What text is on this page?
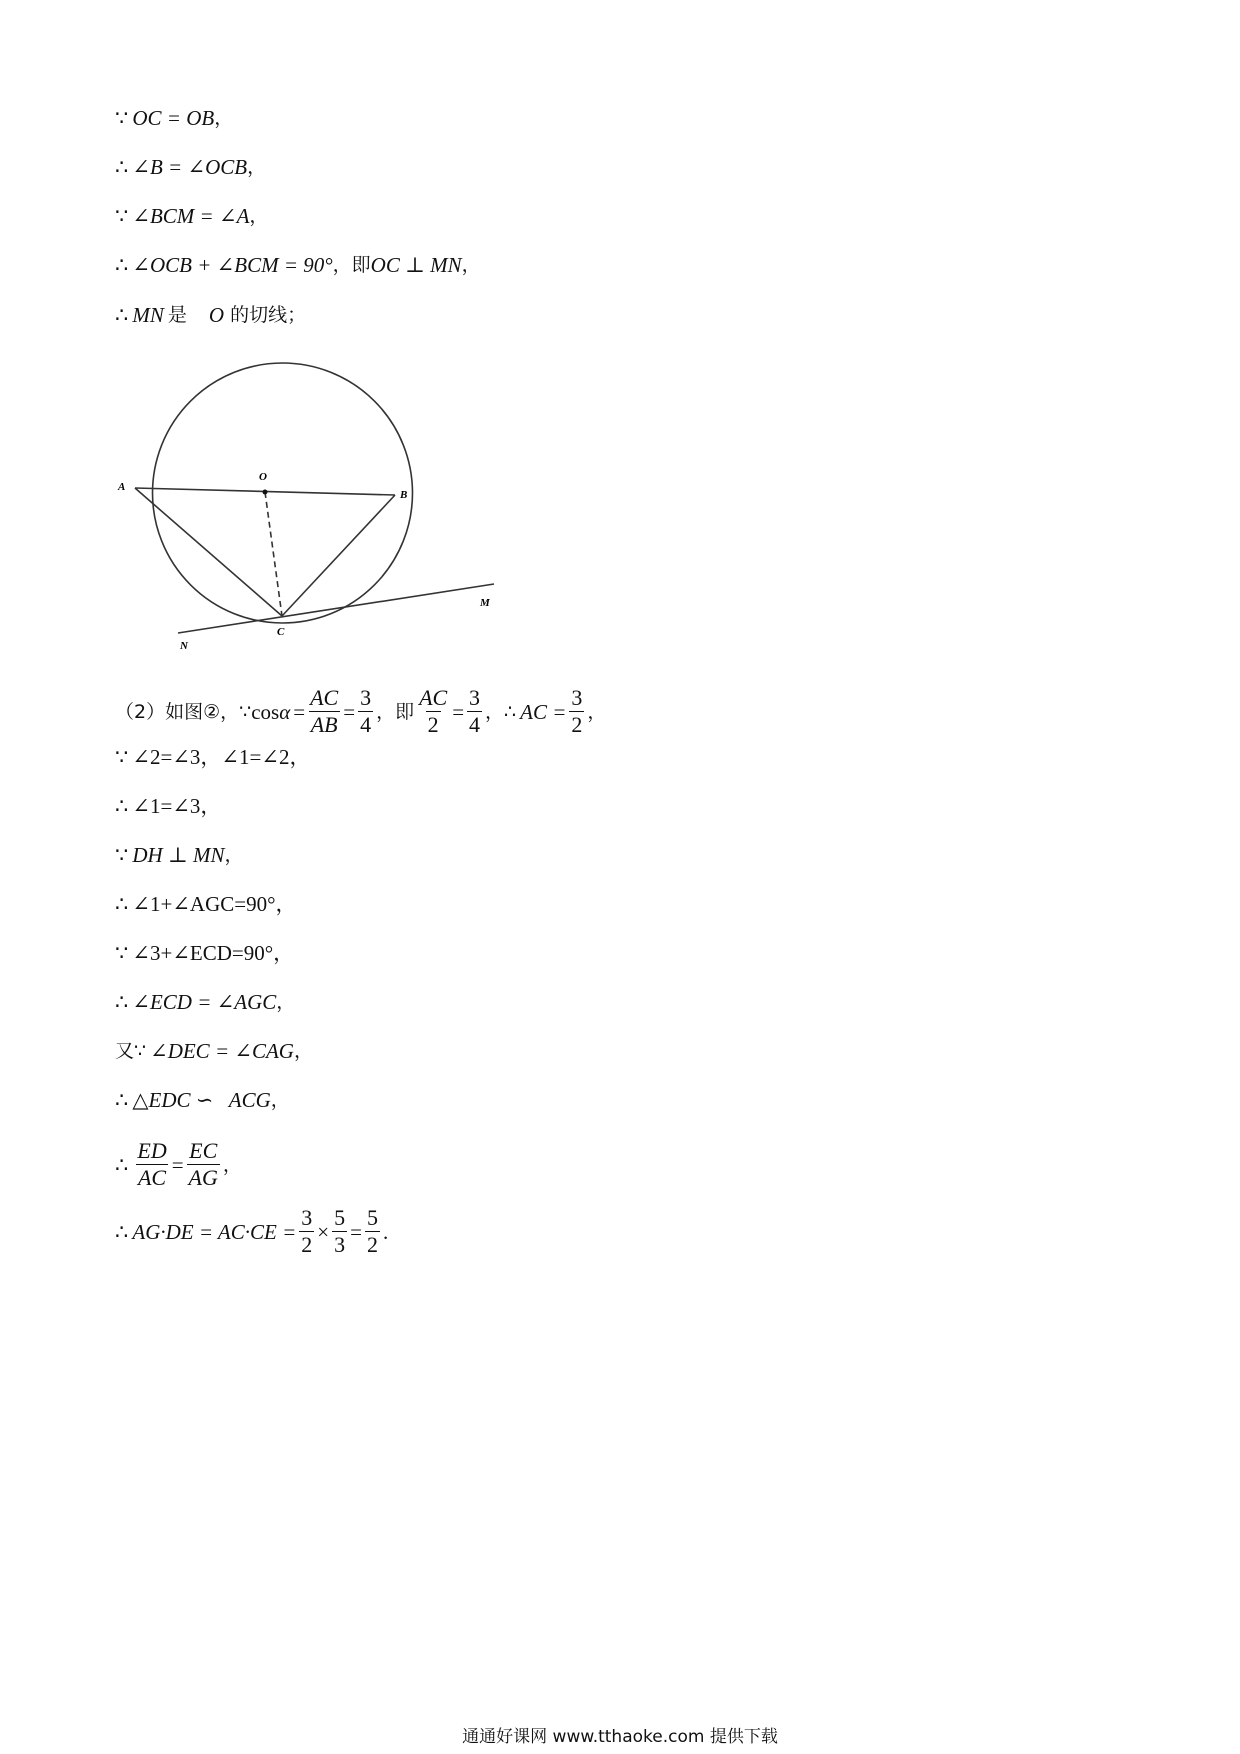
∵ OC = OB ，
∴ ∠B = ∠OCB ，
∵ ∠BCM = ∠A ，
∴ ∠OCB + ∠BCM = 90° ，即 OC ⊥ MN ，
∴ MN 是 O 的切线；
A
O
B
C
N
M
（2）如图②，∵ $\cos \alpha = \frac{AC}{AB} = \frac{3}{4}$ ，即 $\frac{AC}{2} = \frac{3}{4}$ ，∴ AC = $\frac{3}{2}$ ，
∵ ∠2=∠3，∠1=∠2，
∴ ∠1=∠3，
∵ DH ⊥ MN ，
∴ ∠1+∠AGC=90°，
∵ ∠3+∠ECD=90°，
∴ ∠ECD = ∠AGC ，
又∵ ∠DEC = ∠CAG ，
∴ △EDC ∽   ACG ，
∴ $\frac{ED}{AC} = \frac{EC}{AG}$ ，
∴ $AG\cdot DE = AC\cdot CE = \frac{3}{2} \times \frac{5}{3} = \frac{5}{2}$ .
通通好课网 www.tthaoke.com 提供下载
